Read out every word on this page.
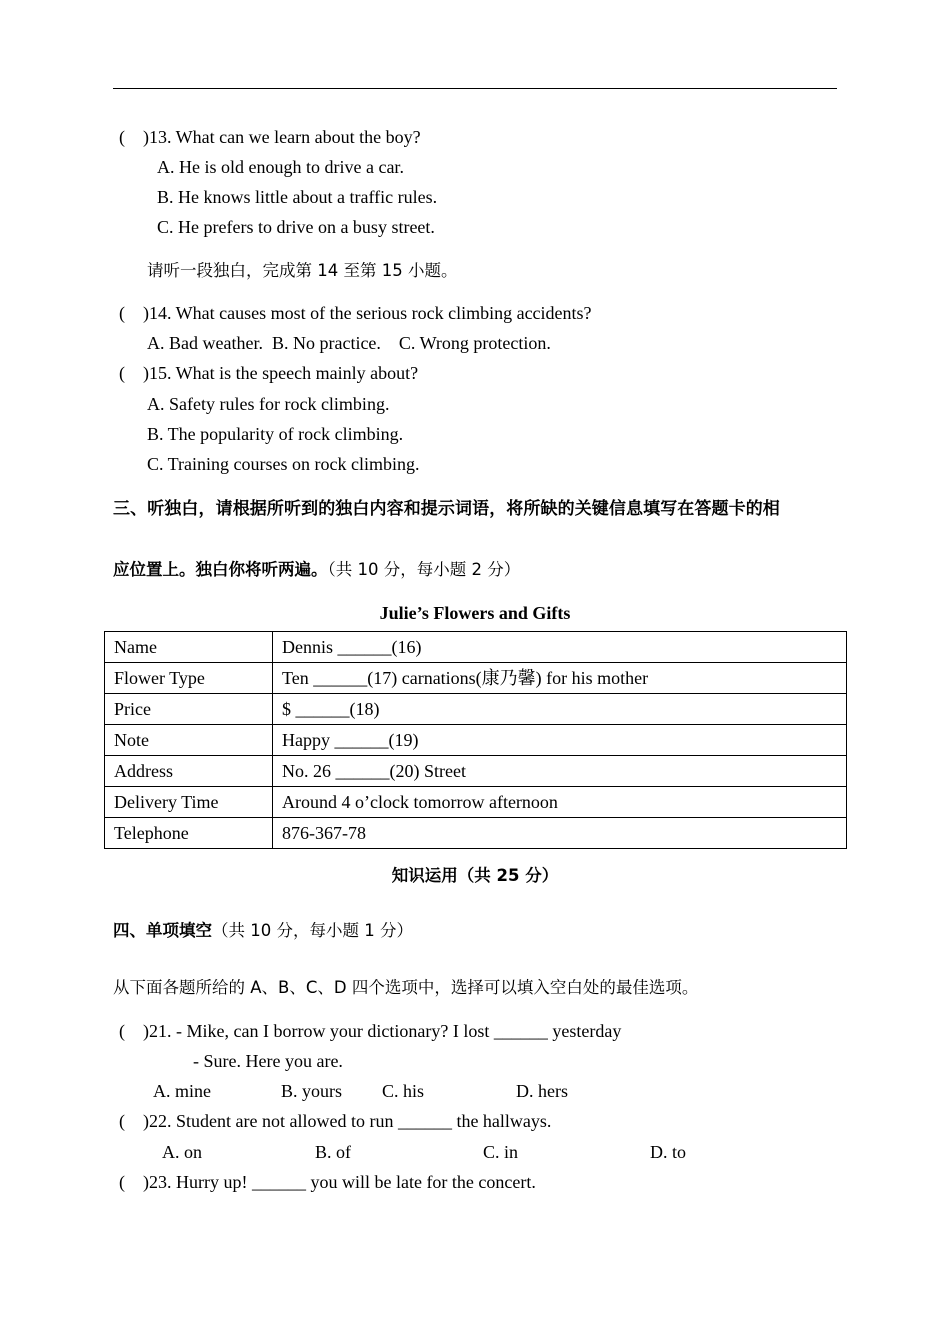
(　)13. What can we learn about the boy?
A. He is old enough to drive a car.
B. He knows little about a traffic rules.
C. He prefers to drive on a busy street.
请听一段独白，完成第 14 至第 15 小题。
(　)14. What causes most of the serious rock climbing accidents?
A. Bad weather.  B. No practice.    C. Wrong protection.
(　)15. What is the speech mainly about?
A. Safety rules for rock climbing.
B. The popularity of rock climbing.
C. Training courses on rock climbing.
三、听独白，请根据所听到的独白内容和提示词语，将所缺的关键信息填写在答题卡的相
应位置上。独白你将听两遍。（共 10 分，每小题 2 分）
Julie’s Flowers and Gifts
Name	Dennis ______(16)
Flower Type	Ten ______(17) carnations(康乃馨) for his mother
Price	$ ______(18)
Note	Happy ______(19)
Address	No. 26 ______(20) Street
Delivery Time	Around 4 o’clock tomorrow afternoon
Telephone	876-367-78
知识运用（共 25 分）
四、单项填空（共 10 分，每小题 1 分）
从下面各题所给的 A、B、C、D 四个选项中，选择可以填入空白处的最佳选项。
(　)21. - Mike, can I borrow your dictionary? I lost ______ yesterday
- Sure. Here you are.
A. mine	B. yours C. his	D. hers
(　)22. Student are not allowed to run ______ the hallways.
A. on	B. of	C. in	D. to
(　)23. Hurry up! ______ you will be late for the concert.
